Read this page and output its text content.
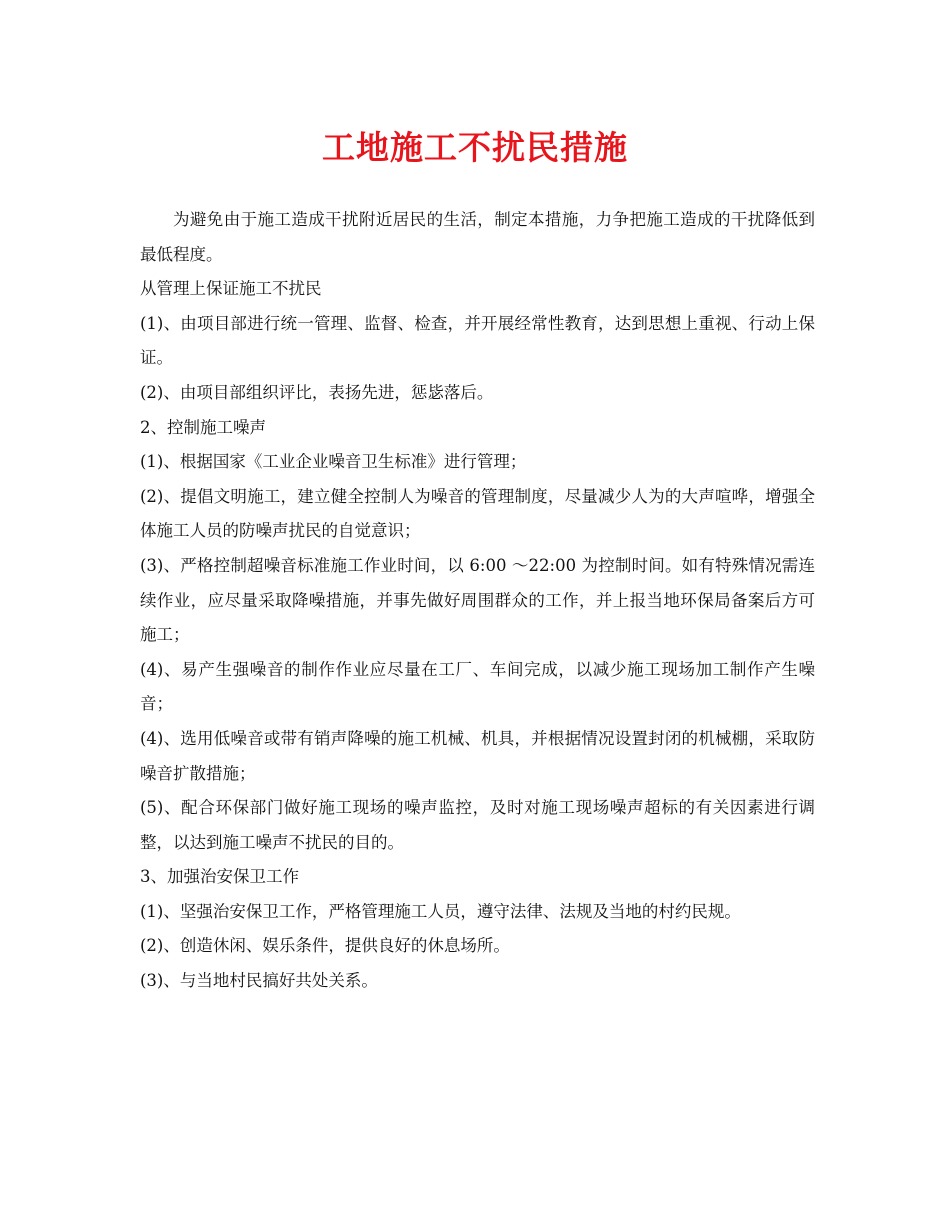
工地施工不扰民措施

为避免由于施工造成干扰附近居民的生活，制定本措施，力争把施工造成的干扰降低到最低程度。

从管理上保证施工不扰民

(1)、由项目部进行统一管理、监督、检查，并开展经常性教育，达到思想上重视、行动上保证。

(2)、由项目部组织评比，表扬先进，惩毖落后。

2、控制施工噪声

(1)、根据国家《工业企业噪音卫生标准》进行管理；

(2)、提倡文明施工，建立健全控制人为噪音的管理制度，尽量减少人为的大声喧哗，增强全体施工人员的防噪声扰民的自觉意识；

(3)、严格控制超噪音标准施工作业时间，以 6:00 ～22:00 为控制时间。如有特殊情况需连续作业，应尽量采取降噪措施，并事先做好周围群众的工作，并上报当地环保局备案后方可施工；

(4)、易产生强噪音的制作作业应尽量在工厂、车间完成，以减少施工现场加工制作产生噪音；

(4)、选用低噪音或带有销声降噪的施工机械、机具，并根据情况设置封闭的机械棚，采取防噪音扩散措施；

(5)、配合环保部门做好施工现场的噪声监控，及时对施工现场噪声超标的有关因素进行调整，以达到施工噪声不扰民的目的。

3、加强治安保卫工作

(1)、坚强治安保卫工作，严格管理施工人员，遵守法律、法规及当地的村约民规。

(2)、创造休闲、娱乐条件，提供良好的休息场所。

(3)、与当地村民搞好共处关系。
